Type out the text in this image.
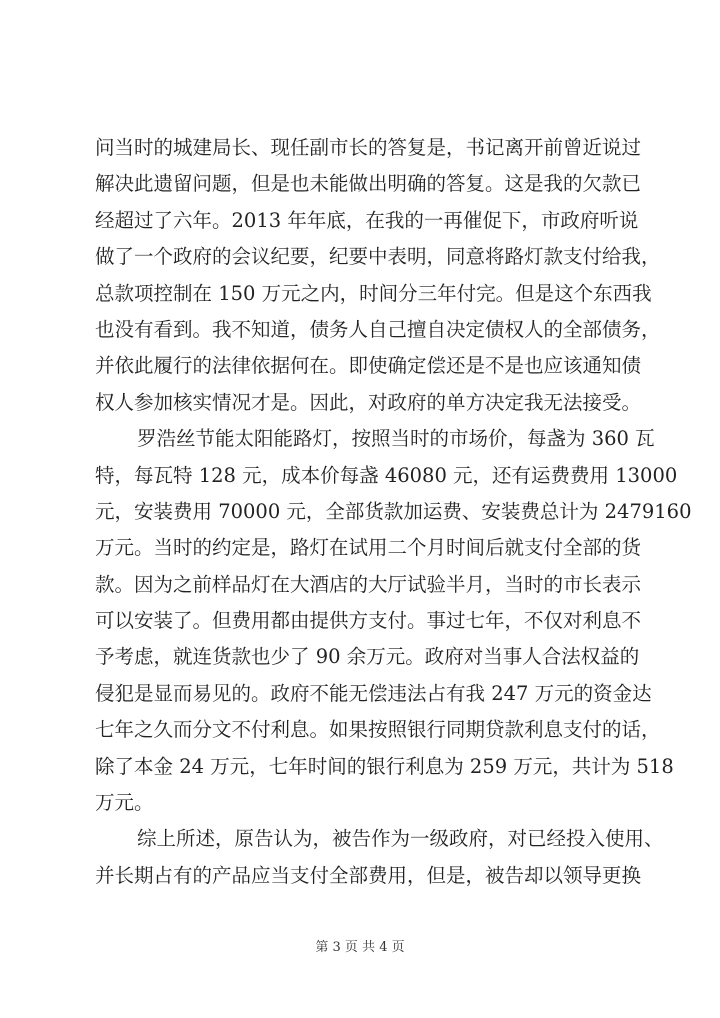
问当时的城建局长、现任副市长的答复是，书记离开前曾近说过
解决此遗留问题，但是也未能做出明确的答复。这是我的欠款已
经超过了六年。2013 年年底，在我的一再催促下，市政府听说
做了一个政府的会议纪要，纪要中表明，同意将路灯款支付给我，
总款项控制在 150 万元之内，时间分三年付完。但是这个东西我
也没有看到。我不知道，债务人自己擅自决定债权人的全部债务，
并依此履行的法律依据何在。即使确定偿还是不是也应该通知债
权人参加核实情况才是。因此，对政府的单方决定我无法接受。
罗浩丝节能太阳能路灯，按照当时的市场价，每盏为 360 瓦
特，每瓦特 128 元，成本价每盏 46080 元，还有运费费用 13000
元，安装费用 70000 元，全部货款加运费、安装费总计为 2479160
万元。当时的约定是，路灯在试用二个月时间后就支付全部的货
款。因为之前样品灯在大酒店的大厅试验半月，当时的市长表示
可以安装了。但费用都由提供方支付。事过七年，不仅对利息不
予考虑，就连货款也少了 90 余万元。政府对当事人合法权益的
侵犯是显而易见的。政府不能无偿违法占有我 247 万元的资金达
七年之久而分文不付利息。如果按照银行同期贷款利息支付的话，
除了本金 24 万元，七年时间的银行利息为 259 万元，共计为 518
万元。
综上所述，原告认为，被告作为一级政府，对已经投入使用、
并长期占有的产品应当支付全部费用，但是，被告却以领导更换
第 3 页 共 4 页
